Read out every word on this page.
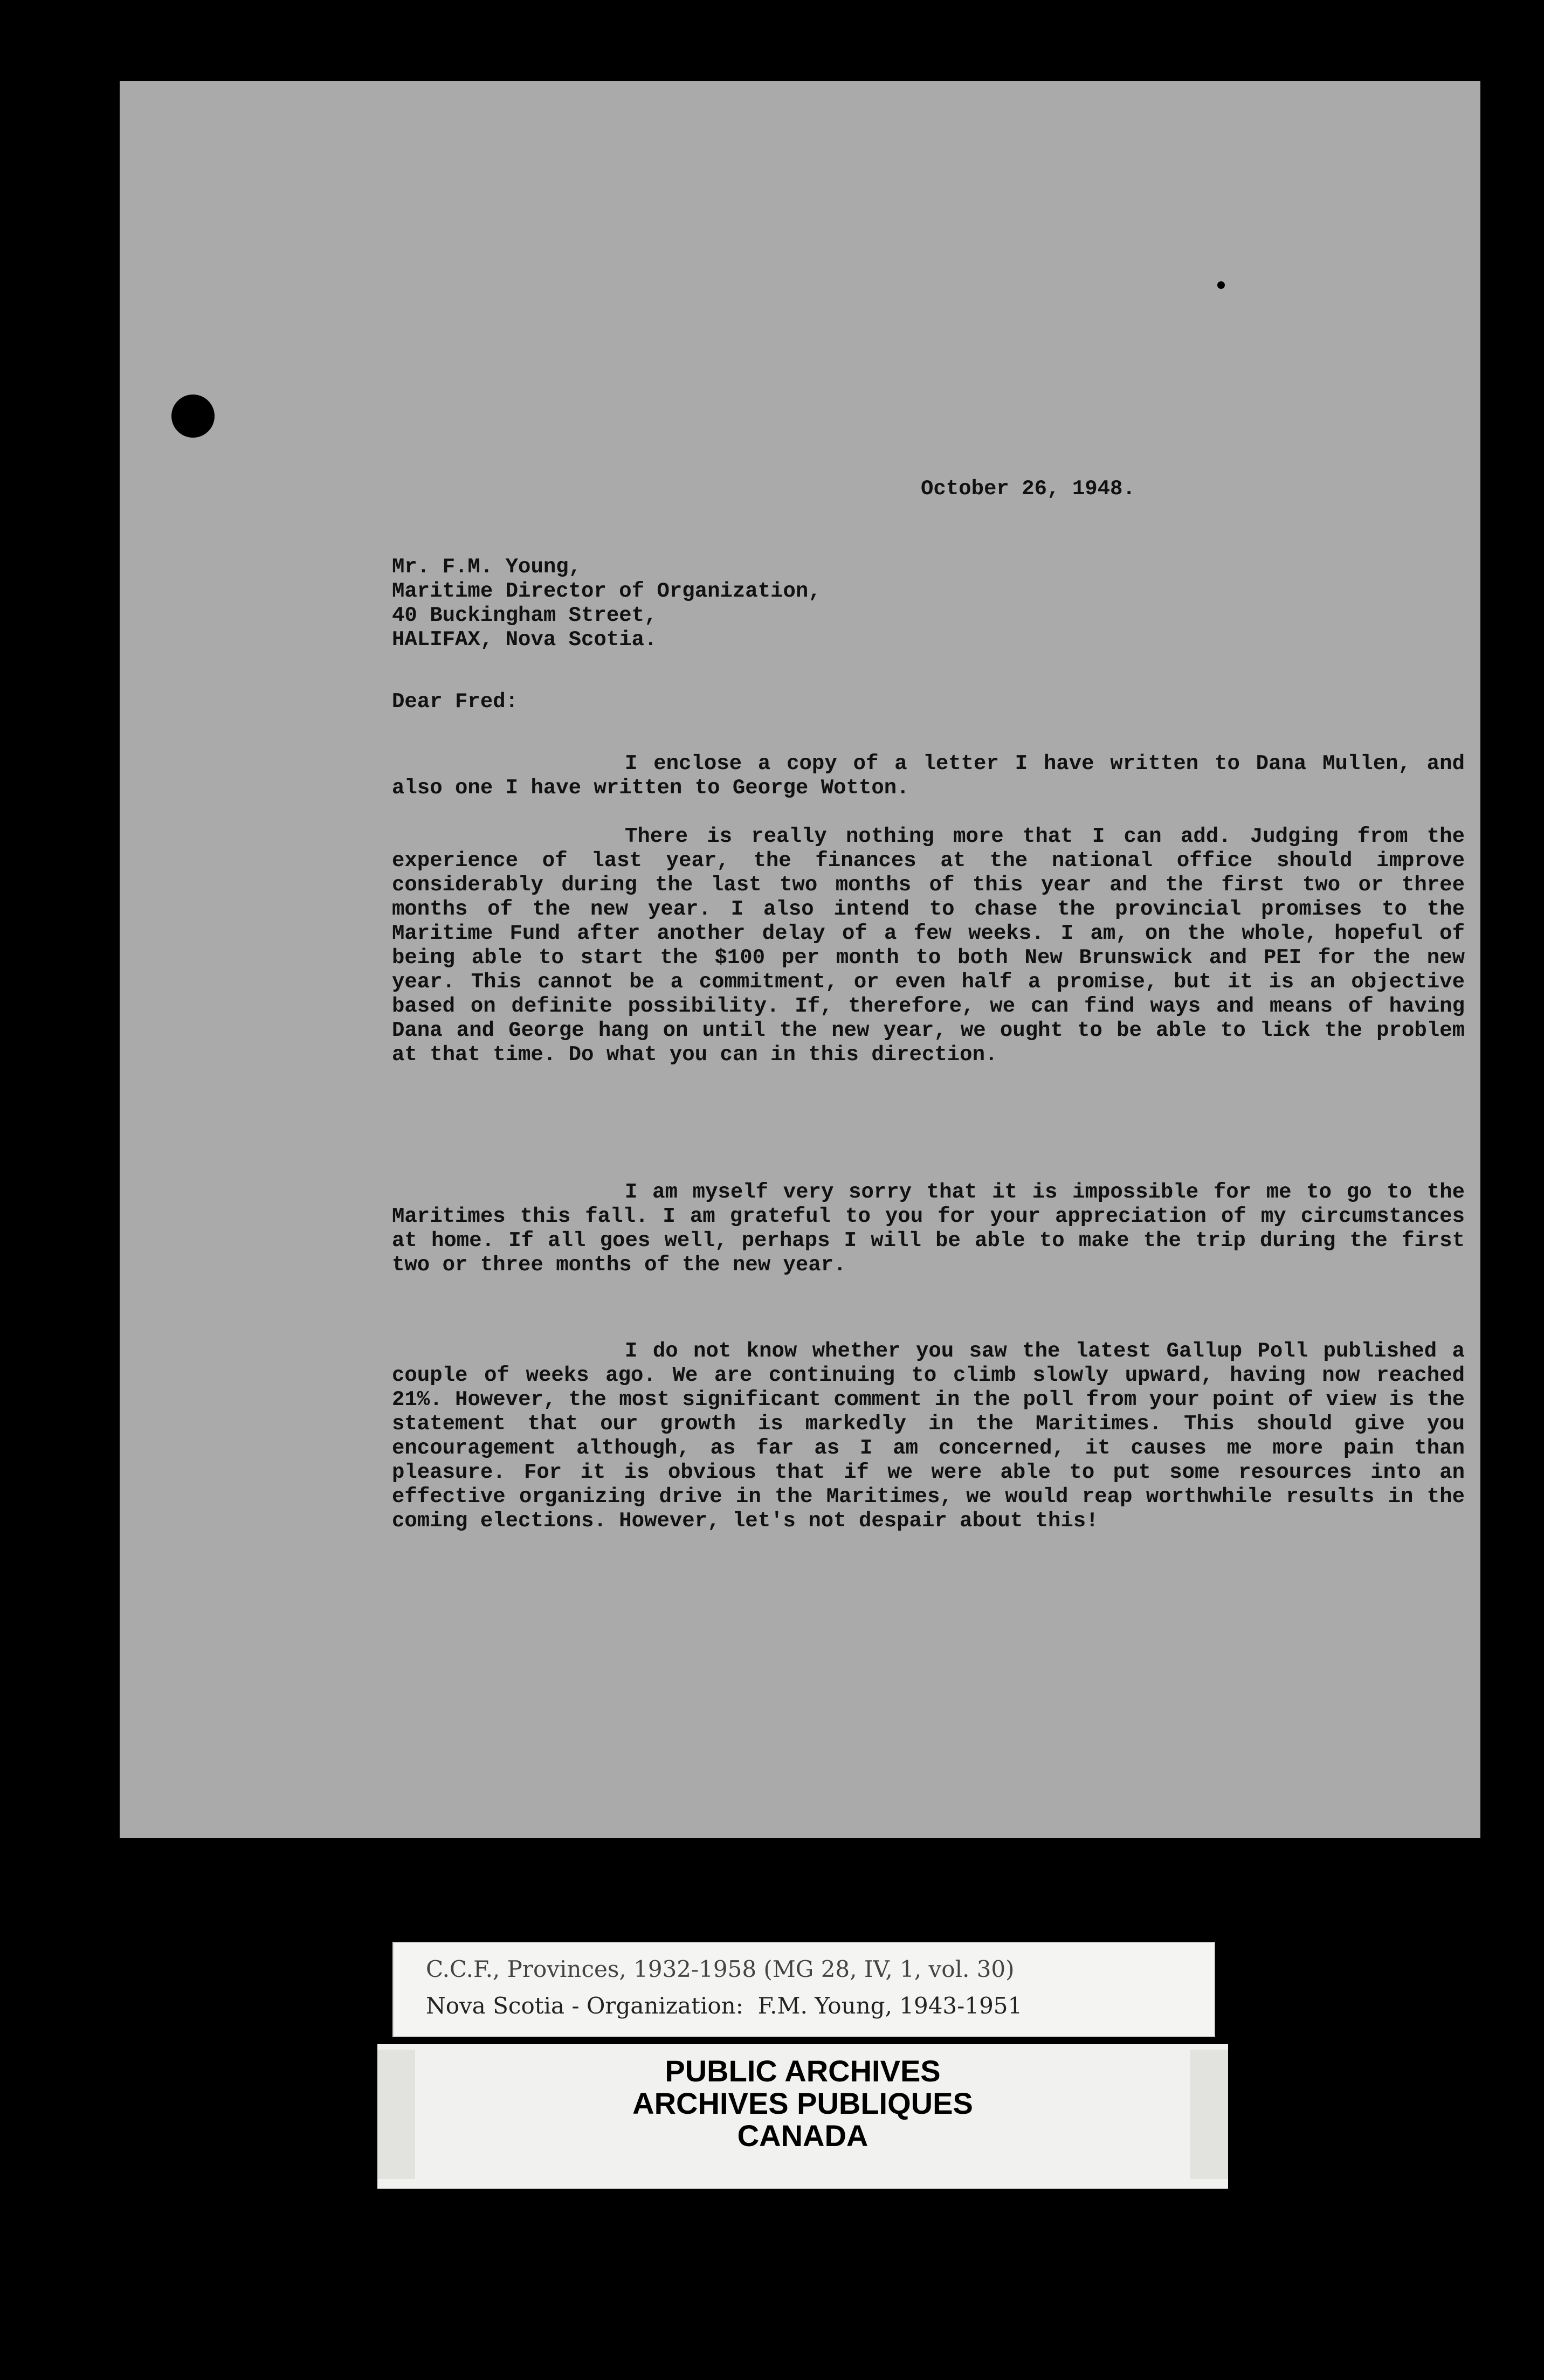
October 26, 1948.
Mr. F.M. Young,
Maritime Director of Organization,
40 Buckingham Street,
HALIFAX, Nova Scotia.
Dear Fred:
I enclose a copy of a letter I have written to Dana Mullen, and also one I have written to George Wotton.
There is really nothing more that I can add. Judging from the experience of last year, the finances at the national office should improve considerably during the last two months of this year and the first two or three months of the new year. I also intend to chase the provincial promises to the Maritime Fund after another delay of a few weeks. I am, on the whole, hopeful of being able to start the $100 per month to both New Brunswick and PEI for the new year. This cannot be a commitment, or even half a promise, but it is an objective based on definite possibility. If, therefore, we can find ways and means of having Dana and George hang on until the new year, we ought to be able to lick the problem at that time. Do what you can in this direction.
I am myself very sorry that it is impossible for me to go to the Maritimes this fall. I am grateful to you for your appreciation of my circumstances at home. If all goes well, perhaps I will be able to make the trip during the first two or three months of the new year.
I do not know whether you saw the latest Gallup Poll published a couple of weeks ago. We are continuing to climb slowly upward, having now reached 21%. However, the most significant comment in the poll from your point of view is the statement that our growth is markedly in the Maritimes. This should give you encouragement although, as far as I am concerned, it causes me more pain than pleasure. For it is obvious that if we were able to put some resources into an effective organizing drive in the Maritimes, we would reap worthwhile results in the coming elections. However, let's not despair about this!
C.C.F., Provinces, 1932-1958 (MG 28, IV, 1, vol. 30)
Nova Scotia - Organization:  F.M. Young, 1943-1951
PUBLIC ARCHIVES
ARCHIVES PUBLIQUES
CANADA
